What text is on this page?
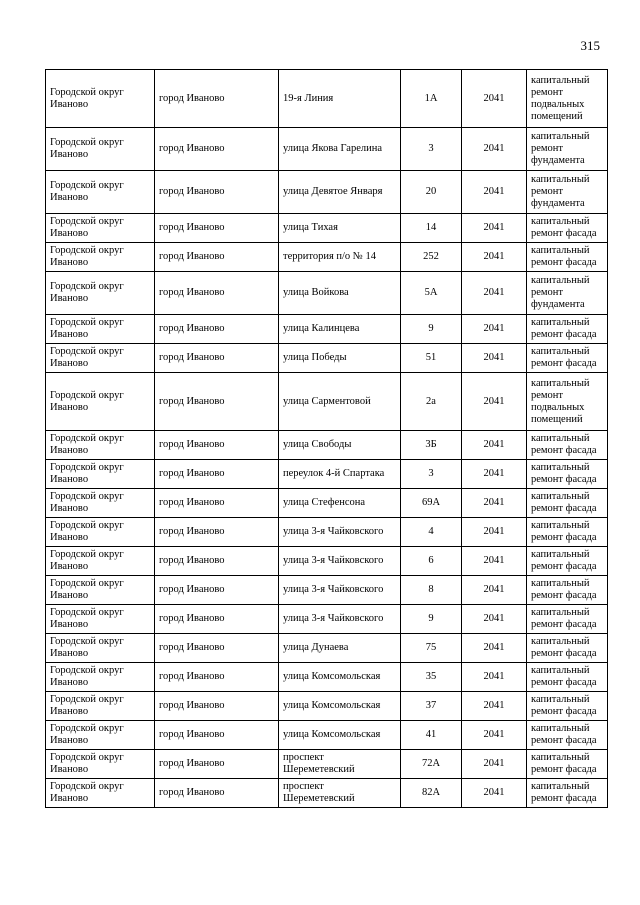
315
Городской округ Иваново	город Иваново	19-я Линия	1А	2041	капитальный ремонт подвальных помещений
Городской округ Иваново	город Иваново	улица Якова Гарелина	3	2041	капитальный ремонт фундамента
Городской округ Иваново	город Иваново	улица Девятое Января	20	2041	капитальный ремонт фундамента
Городской округ Иваново	город Иваново	улица Тихая	14	2041	капитальный ремонт фасада
Городской округ Иваново	город Иваново	территория п/о № 14	252	2041	капитальный ремонт фасада
Городской округ Иваново	город Иваново	улица Войкова	5А	2041	капитальный ремонт фундамента
Городской округ Иваново	город Иваново	улица Калинцева	9	2041	капитальный ремонт фасада
Городской округ Иваново	город Иваново	улица Победы	51	2041	капитальный ремонт фасада
Городской округ Иваново	город Иваново	улица Сарментовой	2а	2041	капитальный ремонт подвальных помещений
Городской округ Иваново	город Иваново	улица Свободы	3Б	2041	капитальный ремонт фасада
Городской округ Иваново	город Иваново	переулок 4-й Спартака	3	2041	капитальный ремонт фасада
Городской округ Иваново	город Иваново	улица Стефенсона	69А	2041	капитальный ремонт фасада
Городской округ Иваново	город Иваново	улица 3-я Чайковского	4	2041	капитальный ремонт фасада
Городской округ Иваново	город Иваново	улица 3-я Чайковского	6	2041	капитальный ремонт фасада
Городской округ Иваново	город Иваново	улица 3-я Чайковского	8	2041	капитальный ремонт фасада
Городской округ Иваново	город Иваново	улица 3-я Чайковского	9	2041	капитальный ремонт фасада
Городской округ Иваново	город Иваново	улица Дунаева	75	2041	капитальный ремонт фасада
Городской округ Иваново	город Иваново	улица Комсомольская	35	2041	капитальный ремонт фасада
Городской округ Иваново	город Иваново	улица Комсомольская	37	2041	капитальный ремонт фасада
Городской округ Иваново	город Иваново	улица Комсомольская	41	2041	капитальный ремонт фасада
Городской округ Иваново	город Иваново	проспект Шереметевский	72А	2041	капитальный ремонт фасада
Городской округ Иваново	город Иваново	проспект Шереметевский	82А	2041	капитальный ремонт фасада
